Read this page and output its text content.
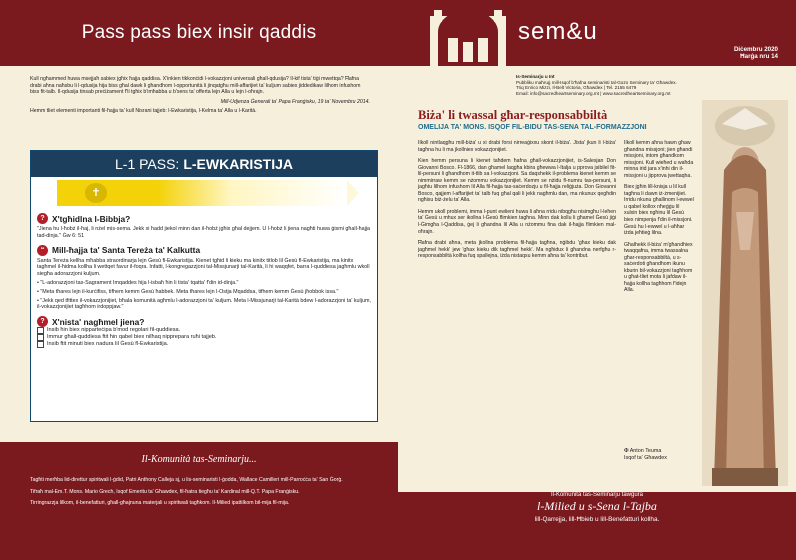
Pass pass biex insir qaddis

Kull ngħammed huwa msejjaħ sabiex jgħix ħajja qaddisa. X'inkien tikkonċidi l-vokazzjoni universali għall-qdusija? Il-kif tista' tiġi mwettqa? Ħafna drabi aħna naħsbu li l-qdusija hija biss għal dawk li għandhom l-opportunità li jinqatgħu mill-affarijiet ta' kuljum sabiex jiddedikaw lilhom infushom biss fit-talb. Il-qdusija tinsab preċiżament f'li tgħix b'imħabba u b'sens ta' offerta lejn Alla u lejn l-oħrajn.

Mill-Udjenza Ġenerali ta' Papa Franġisku, 19 ta' Novembru 2014.

Hemm tliet elementi importanti fil-ħajja ta' kull Nisrani tajjeb: l-Ewkaristija, l-Kelma ta' Alla u l-Karità.

L-1 PASS: L-EWKARISTIJA
✝
? X'tgħidlna l-Bibbja?

"Jiena hu l-ħobż il-ħaj, li nżel mis-sema. Jekk xi ħadd jiekol minn dan il-ħobż jgħix għal dejjem. U l-ħobż li jiena nagħti huwa ġismi għall-ħajja tad-dinja." Ġw 6: 51

“ Mill-ħajja ta' Santa Tereża ta' Kalkutta

Santa Tereża kellha mħabba straordinarja lejn Ġesù fl-Ewkaristija. Kienet tgħid li kieku ma kinitx titlob lil Ġesù fl-Ewkaristija, ma kinitx tagħmel il-ħidma kollha li wettqet favur il-foqra. Infatti, l-kongregazzjoni tal-Missjunarji tal-Karità, li hi waqqfet, barra l-quddiesa jagħmlu wkoll siegħa adorazzjoni kuljum.

• "L-adorazzjoni tas-Sagrament Imqaddes hija l-isbaħ ħin li tista' tqatta' f'din id-dinja."

• "Meta tħares lejn il-kurċifiss, tifhem kemm Ġesù ħabbek. Meta tħares lejn l-Ostja Mqaddsa, tifhem kemm Ġesù jħobbok issa."

• "Jekk qed tfittex il-vokazzjonijiet, bħala komunità agħmlu l-adorazzjoni ta' kuljum. Meta l-Missjunarji tal-Karità bdew l-adorazzjoni ta' kuljum, il-vokazzjonijiet tagħhom irdoppjaw."

? X'nista' nagħmel jiena?
Insib ħin biex nipparteċipa b'mod regolari fil-quddiesa.
Immur għall-quddiesa ftit ħin qabel biex nilħaq nipprepara ruħi tajjeb.
Insib ftit minuti biex nadura lil Ġesù fl-Ewkaristija.
Il-Komunità tas-Seminarju...

Tagħti merħba lid-direttur spiritwali l-ġdid, Patri Anthony Calleja sj, u lis-seminaristi l-ġodda, Wallace Camilleri mill-Parroċċa ta' San Ġorġ.

Tifraħ mal-Em.T. Mons. Mario Grech, Isqof Emeritu ta' Għawdex, fil-ħatra tiegħu ta' Kardinal mill-Q.T. Papa Franġisku.

Tirringrazzja lilkom, il-benefatturi, għall-għajnuna materjali u spiritwali tagħkom. Il-Milied ipattilkom bil-mija fil-mija.

sem&u
Diċembru 2020
Ħarġa nru 14
Is-Seminarju u Int
Pubbliku maħruġ mill-Isqof b'ħafna seminaristi tal-Gozo Seminary ta' Għawdex.
Triq Enrico Mizzi, Il-Belt Victoria, Għawdex | Tel. 2155 6479
Email: info@sacredheartseminary.org.mt | www.sacredheartseminary.org.mt
Biża' li twassal għar-responsabbiltà
OMELIJA TA' MONS. ISQOF FIL-BIDU TAS-SENA TAL-FORMAZZJONI

Ilkoll nintlaqgħu mill-biża' u xi drabi forsi nirreaġixxu skont il-biża'. Jista' jkun li l-biża' tagħna hu li ma jkollniex vokazzjonijiet.

Kien hemm persuna li kienet taħdem ħafna għall-vokazzjonijiet, is-Salesjan Don Giovanni Bosco. Fl-1866, dan għamel laqgħa kbira għewwa l-Italja u pprova jsibilel fit-lil-persuni li għandhom it-tlib sa l-vokazzjoni. Sa daqshekk il-problema kienet kemm se nimmirraw kemm se nżommu vokazzjonijiet. Kemm se nżidu fl-numru tas-persuni, li jagħtu lilhom infushom lil Alla fil-ħajja tas-saċerdozju u fil-ħajja reliġjuża. Don Giovanni Bosco, qajjem l-affarijiet ta' talb fuq għal qali li jekk nagħmlu dan, ma nkunux qegħdin ngħixu biż-żelu ta' Alla.

Hemm ukoll problemi, imma l-punt ewlieni huwa li aħna rridu nibqgħu nisimgħu l-leħen ta' Ġesù u mhux ser ikollna l-Ġesù flimkien tagħna. Minn dak kollu li għamel Ġesù jiġi l-Ġimgħa l-Qaddisa, ġej li għandna lil Alla u nżommu fina dak il-ħajja flimkien mal-oħrajn.

Ħafna drabi aħna, meta jkollna problema fil-ħajja tagħna, nġibdu 'għax kieku dak jagħmel hekk' jew 'għax kieku dik tagħmel hekk'. Ma ngħidux li għandna nerfgħu r-responsabbiltà kollha fuq spallejna, iżda nistaqsu kemm aħna ta' kontribut.

Ilkoll kemm aħna hawn għaw għandna missjoni; jien għandi missjoni, intom għandkom missjoni. Kull wieħed u waħda minna irid jara x'inhi din il-missjoni u jipprova jwettaqha.

Biex jgħin lill-knisja u lil kull tagħna li dawn iż-żmenijiet. Irridu nkunu għallinom l-ewwel u qabel kollox nħeġġu lil xulxin biex ngħinu lil Ġesù biex nimpenja f'din il-missjoni. Ġesù hu l-ewwel u l-aħħar iżda jeħtieġ lilna.

Għalhekk il-biża' m'għandhiex twaqqafna, imma twassalna għar-responsabbiltà, u s-saċerdoti għandhom ikunu kburin bil-vokazzjoni tagħhom u għat-tliet mota li jafdaw il-ħajja kollha tagħhom f'idejn Alla.

✠ Anton Teuma
Isqof ta' Għawdex
Il-Komunità tas-Seminarju tawgura
l-Milied u s-Sena l-Tajba
lill-Qarrejja, lill-Ħbieb u lill-Benefatturi kollha.
